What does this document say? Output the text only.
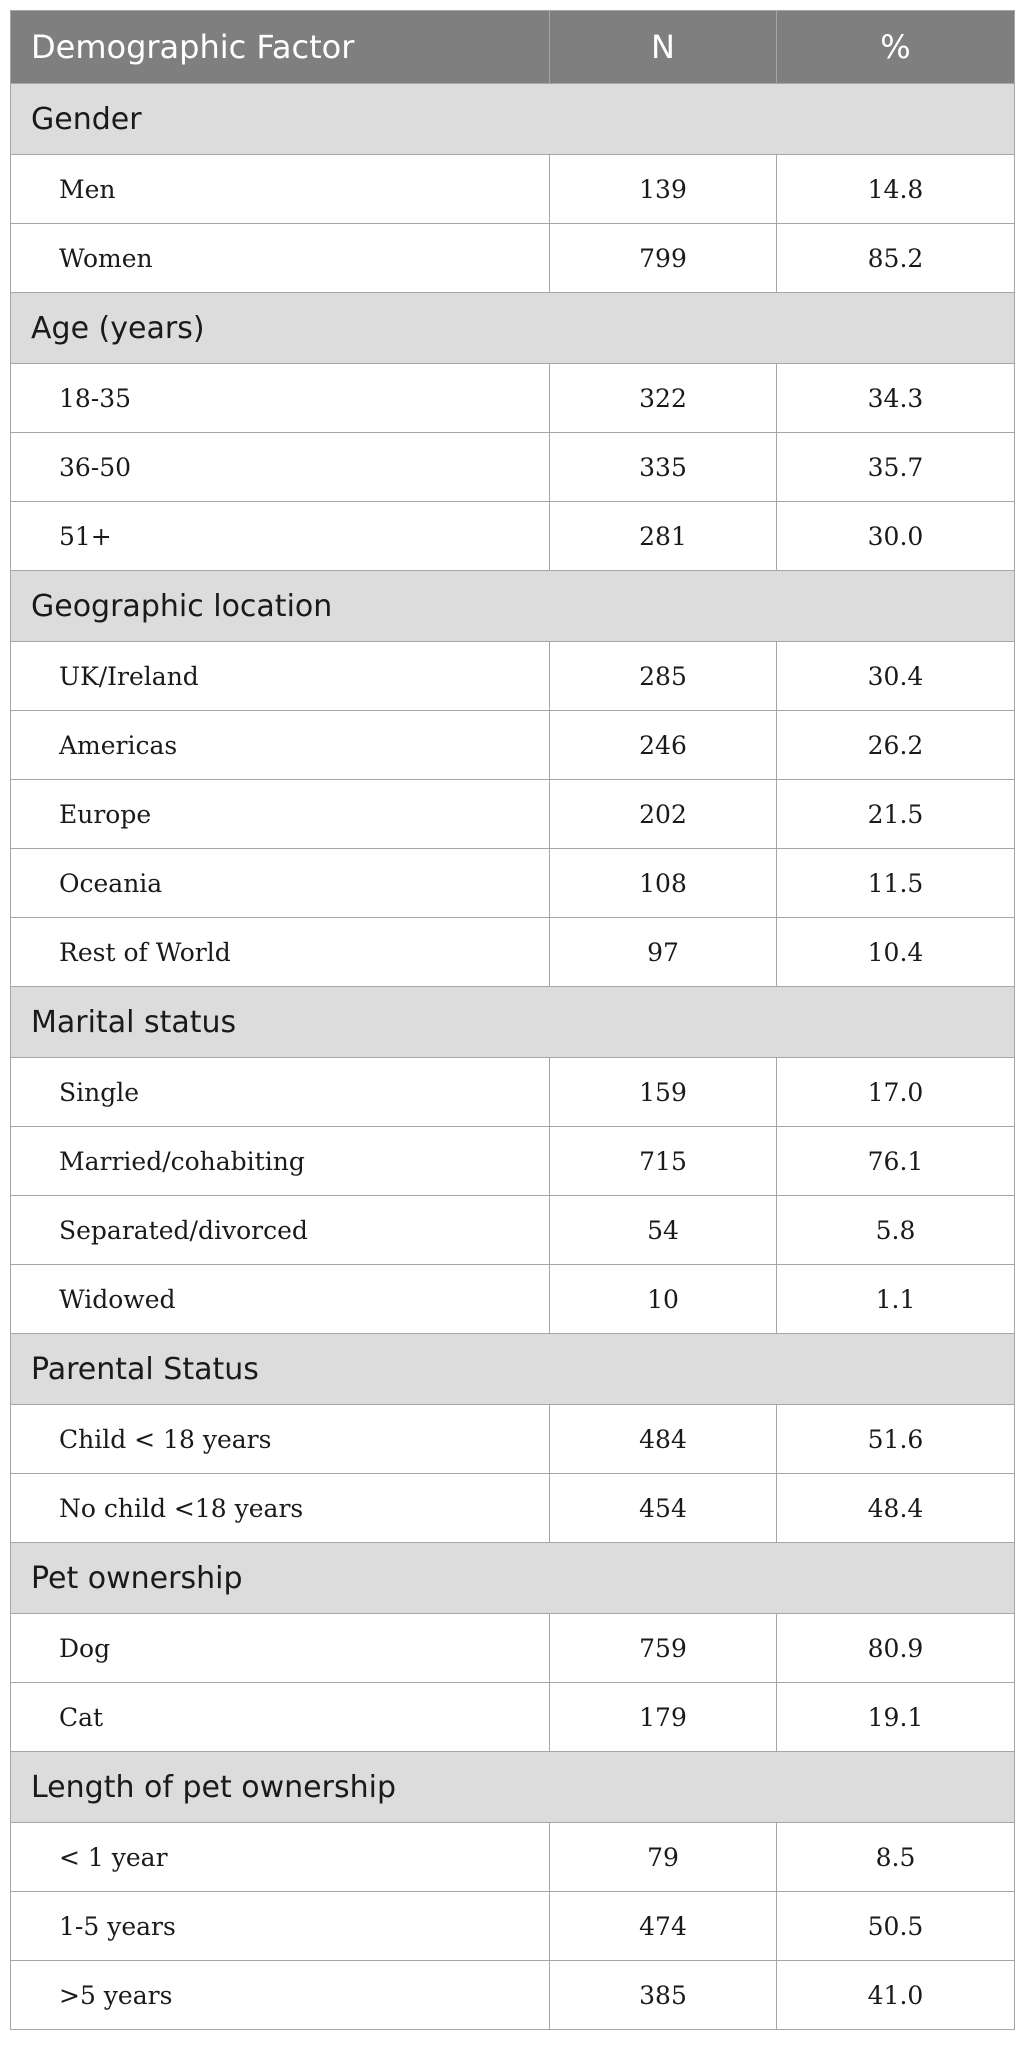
Demographic Factor	N	%
Gender		
Men	139	14.8
Women	799	85.2
Age (years)		
18-35	322	34.3
36-50	335	35.7
51+	281	30.0
Geographic location		
UK/Ireland	285	30.4
Americas	246	26.2
Europe	202	21.5
Oceania	108	11.5
Rest of World	97	10.4
Marital status		
Single	159	17.0
Married/cohabiting	715	76.1
Separated/divorced	54	5.8
Widowed	10	1.1
Parental Status		
Child < 18 years	484	51.6
No child <18 years	454	48.4
Pet ownership		
Dog	759	80.9
Cat	179	19.1
Length of pet ownership		
< 1 year	79	8.5
1-5 years	474	50.5
>5 years	385	41.0
